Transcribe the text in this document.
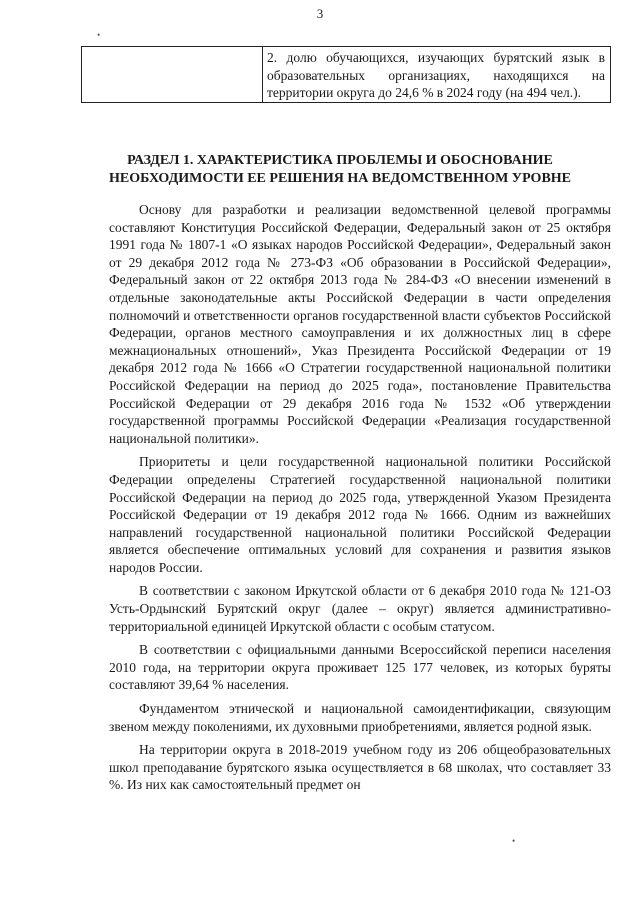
3
•
•
	2. долю обучающихся, изучающих бурятский язык в образовательных организациях, находящихся на территории округа до 24,6 % в 2024 году (на 494 чел.).
РАЗДЕЛ 1. ХАРАКТЕРИСТИКА ПРОБЛЕМЫ И ОБОСНОВАНИЕ НЕОБХОДИМОСТИ ЕЕ РЕШЕНИЯ НА ВЕДОМСТВЕННОМ УРОВНЕ

Основу для разработки и реализации ведомственной целевой программы составляют Конституция Российской Федерации, Федеральный закон от 25 октября 1991 года № 1807-1 «О языках народов Российской Федерации», Федеральный закон от 29 декабря 2012 года № 273-ФЗ «Об образовании в Российской Федерации», Федеральный закон от 22 октября 2013 года № 284-ФЗ «О внесении изменений в отдельные законодательные акты Российской Федерации в части определения полномочий и ответственности органов государственной власти субъектов Российской Федерации, органов местного самоуправления и их должностных лиц в сфере межнациональных отношений», Указ Президента Российской Федерации от 19 декабря 2012 года № 1666 «О Стратегии государственной национальной политики Российской Федерации на период до 2025 года», постановление Правительства Российской Федерации от 29 декабря 2016 года № 1532 «Об утверждении государственной программы Российской Федерации «Реализация государственной национальной политики».

Приоритеты и цели государственной национальной политики Российской Федерации определены Стратегией государственной национальной политики Российской Федерации на период до 2025 года, утвержденной Указом Президента Российской Федерации от 19 декабря 2012 года № 1666. Одним из важнейших направлений государственной национальной политики Российской Федерации является обеспечение оптимальных условий для сохранения и развития языков народов России.

В соответствии с законом Иркутской области от 6 декабря 2010 года № 121-ОЗ Усть-Ордынский Бурятский округ (далее – округ) является административно-территориальной единицей Иркутской области с особым статусом.

В соответствии с официальными данными Всероссийской переписи населения 2010 года, на территории округа проживает 125 177 человек, из которых буряты составляют 39,64 % населения.

Фундаментом этнической и национальной самоидентификации, связующим звеном между поколениями, их духовными приобретениями, является родной язык.

На территории округа в 2018-2019 учебном году из 206 общеобразовательных школ преподавание бурятского языка осуществляется в 68 школах, что составляет 33 %. Из них как самостоятельный предмет он
